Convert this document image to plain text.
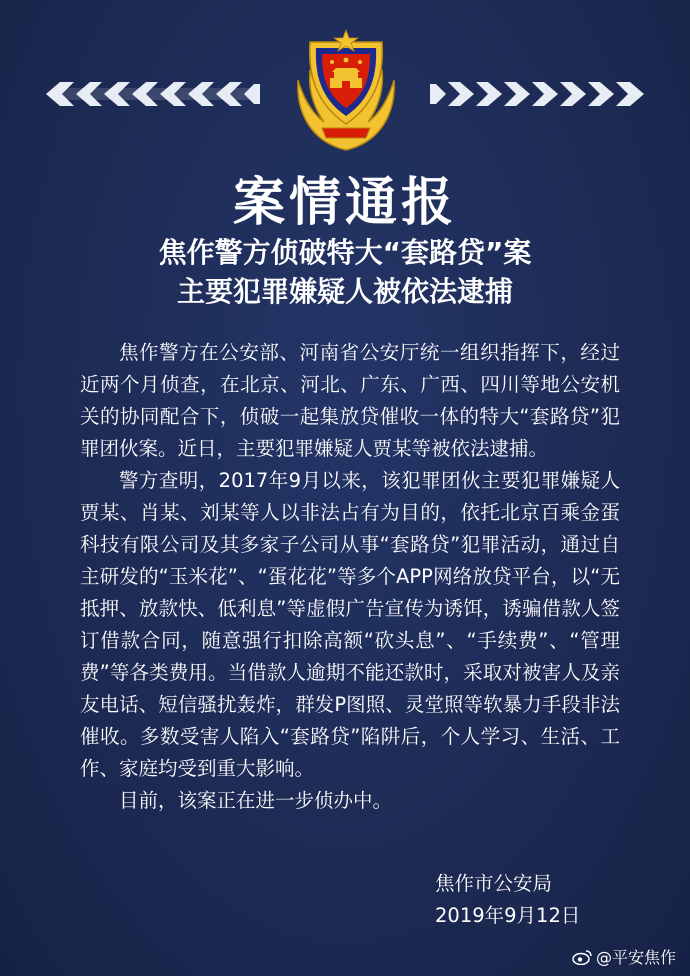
案情通报
焦作警方侦破特大“套路贷”案
主要犯罪嫌疑人被依法逮捕

焦作警方在公安部、河南省公安厅统一组织指挥下，经过近两个月侦查，在北京、河北、广东、广西、四川等地公安机关的协同配合下，侦破一起集放贷催收一体的特大“套路贷”犯罪团伙案。近日，主要犯罪嫌疑人贾某等被依法逮捕。

警方查明，2017年9月以来，该犯罪团伙主要犯罪嫌疑人贾某、肖某、刘某等人以非法占有为目的，依托北京百乘金蛋科技有限公司及其多家子公司从事“套路贷”犯罪活动，通过自主研发的“玉米花”、“蛋花花”等多个APP网络放贷平台，以“无抵押、放款快、低利息”等虚假广告宣传为诱饵，诱骗借款人签订借款合同，随意强行扣除高额“砍头息”、“手续费”、“管理费”等各类费用。当借款人逾期不能还款时，采取对被害人及亲友电话、短信骚扰轰炸，群发P图照、灵堂照等软暴力手段非法催收。多数受害人陷入“套路贷”陷阱后，个人学习、生活、工作、家庭均受到重大影响。

目前，该案正在进一步侦办中。

焦作市公安局
2019年9月12日
@平安焦作
